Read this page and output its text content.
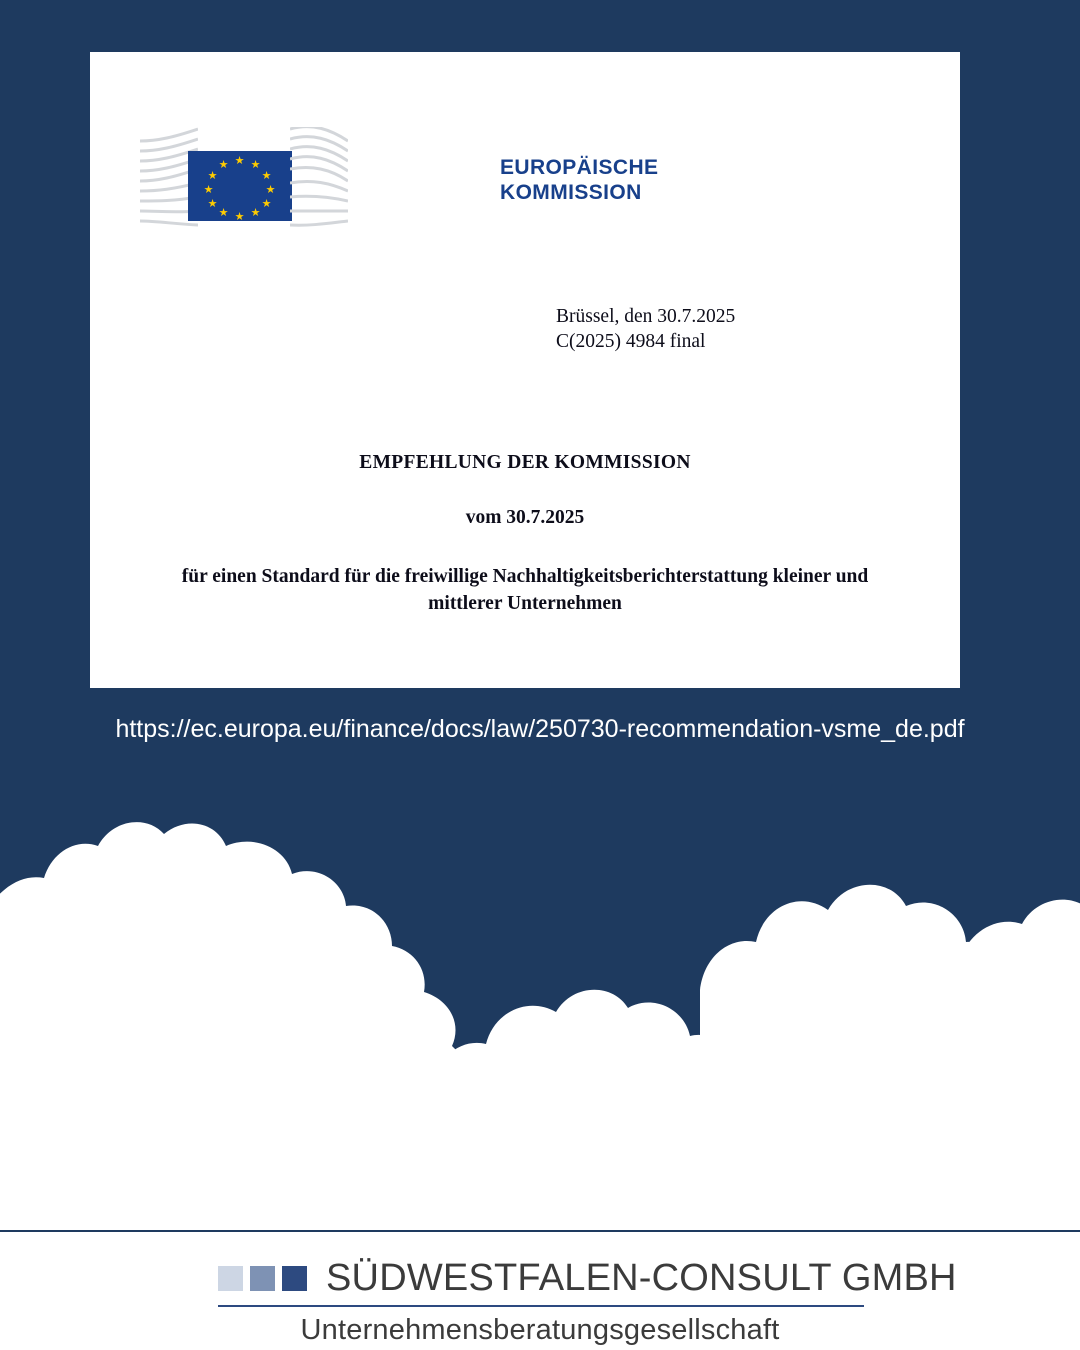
★ ★
★
★
★
★
★
★
★
★
★
★	EUROPÄISCHE
KOMMISSION
Brüssel, den 30.7.2025
C(2025) 4984 final
EMPFEHLUNG DER KOMMISSION
vom 30.7.2025
für einen Standard für die freiwillige Nachhaltigkeitsberichterstattung kleiner und mittlerer Unternehmen
https://ec.europa.eu/finance/docs/law/250730-recommendation-vsme_de.pdf
SÜDWESTFALEN-CONSULT GMBH
Unternehmensberatungsgesellschaft
